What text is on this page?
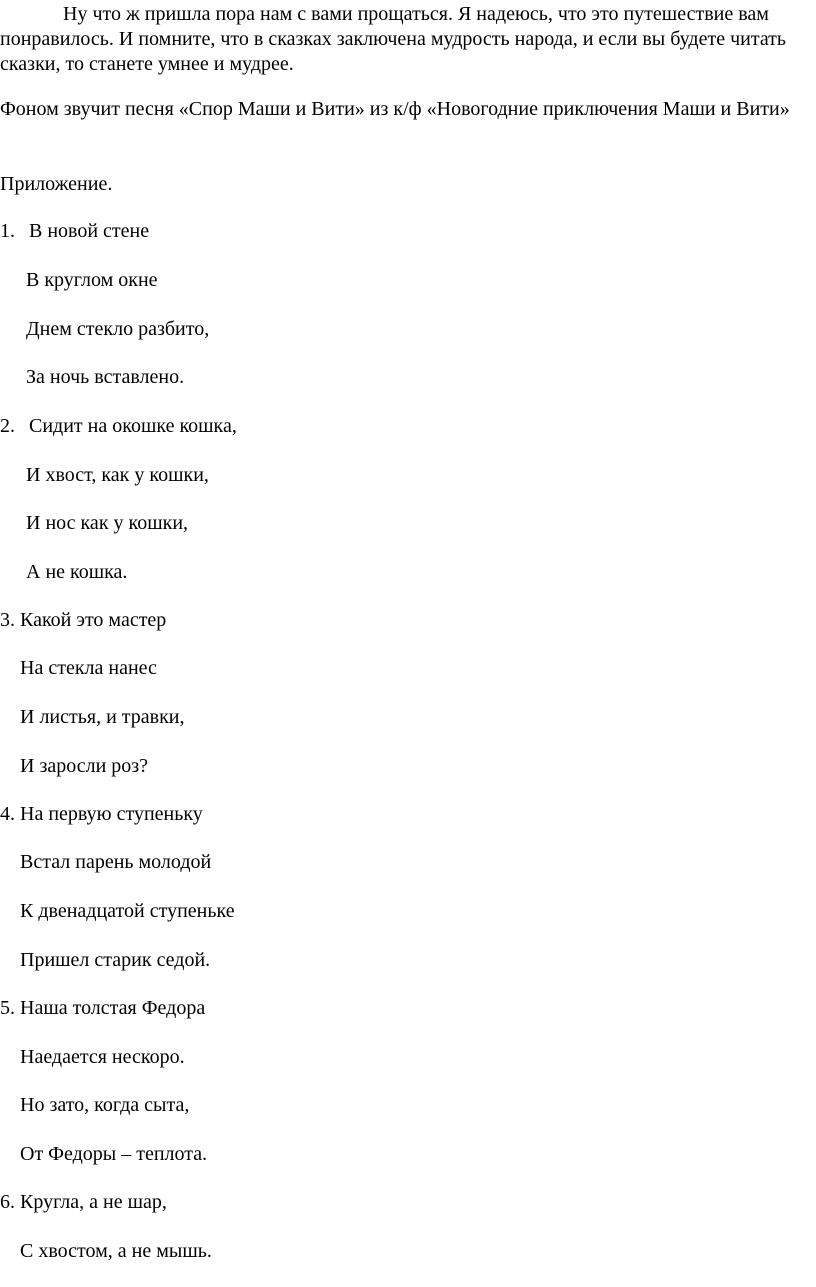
Ну что ж пришла пора нам с вами прощаться. Я надеюсь, что это путешествие вам понравилось. И помните, что в сказках заключена мудрость народа, и если вы будете читать сказки, то станете умнее и мудрее.

Фоном звучит песня «Спор Маши и Вити» из к/ф «Новогодние приключения Маши и Вити»

Приложение.

1. В новой стене

В круглом окне

Днем стекло разбито,

За ночь вставлено.

2. Сидит на окошке кошка,

И хвост, как у кошки,

И нос как у кошки,

А не кошка.

3. Какой это мастер

На стекла нанес

И листья, и травки,

И заросли роз?

4. На первую ступеньку

Встал парень молодой

К двенадцатой ступеньке

Пришел старик седой.

5. Наша толстая Федора

Наедается нескоро.

Но зато, когда сыта,

От Федоры – теплота.

6. Кругла, а не шар,

С хвостом, а не мышь.
